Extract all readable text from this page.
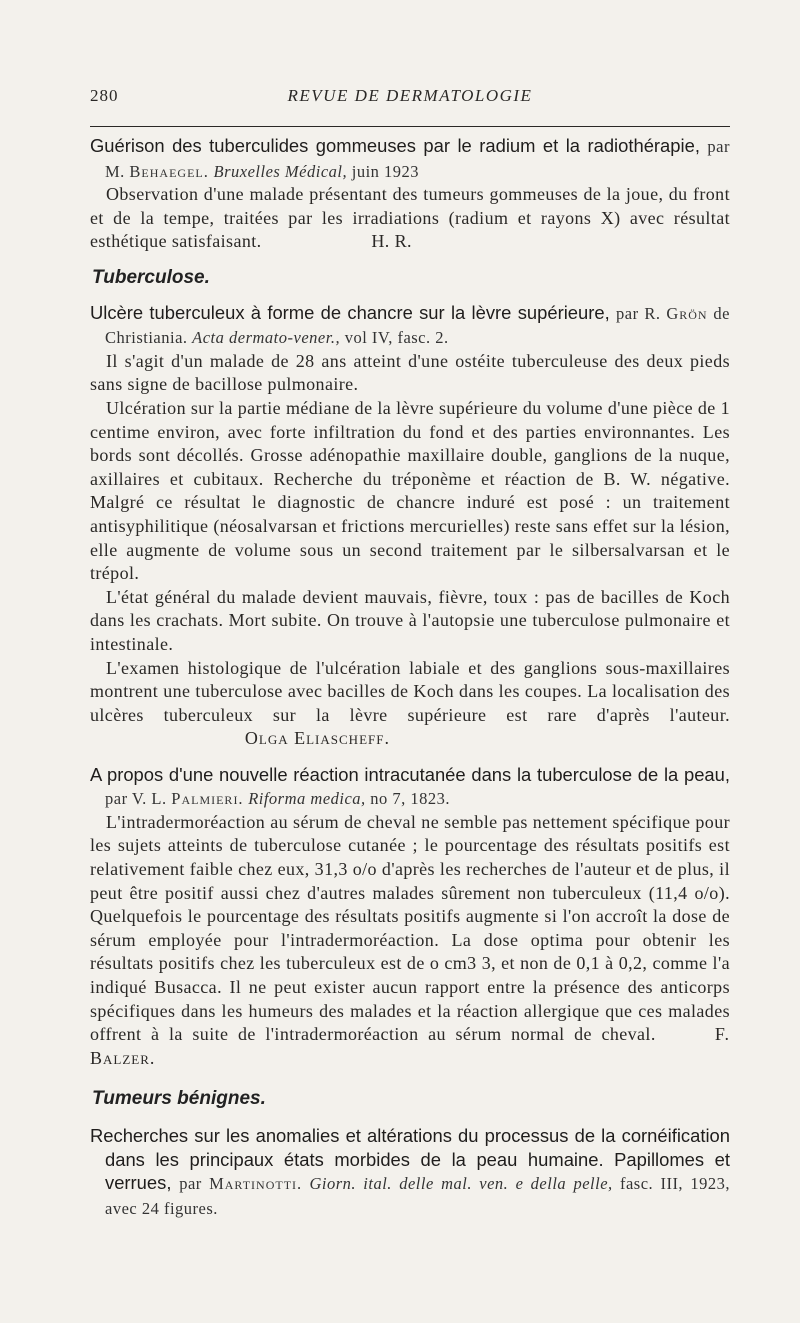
280	REVUE DE DERMATOLOGIE

Guérison des tuberculides gommeuses par le radium et la radiothérapie, par M. Behaegel. Bruxelles Médical, juin 1923

Observation d'une malade présentant des tumeurs gommeuses de la joue, du front et de la tempe, traitées par les irradiations (radium et rayons X) avec résultat esthétique satisfaisant.	H. R.

Tuberculose.

Ulcère tuberculeux à forme de chancre sur la lèvre supérieure, par R. Grön de Christiania. Acta dermato-vener., vol IV, fasc. 2.

Il s'agit d'un malade de 28 ans atteint d'une ostéite tuberculeuse des deux pieds sans signe de bacillose pulmonaire.

Ulcération sur la partie médiane de la lèvre supérieure du volume d'une pièce de 1 centime environ, avec forte infiltration du fond et des parties environnantes. Les bords sont décollés. Grosse adénopathie maxillaire double, ganglions de la nuque, axillaires et cubitaux. Recherche du tréponème et réaction de B. W. négative. Malgré ce résultat le diagnostic de chancre induré est posé : un traitement antisyphilitique (néosalvarsan et frictions mercurielles) reste sans effet sur la lésion, elle augmente de volume sous un second traitement par le silbersalvarsan et le trépol.

L'état général du malade devient mauvais, fièvre, toux : pas de bacilles de Koch dans les crachats. Mort subite. On trouve à l'autopsie une tuberculose pulmonaire et intestinale.

L'examen histologique de l'ulcération labiale et des ganglions sous-maxillaires montrent une tuberculose avec bacilles de Koch dans les coupes. La localisation des ulcères tuberculeux sur la lèvre supérieure est rare d'après l'auteur.  Olga Eliascheff.

A propos d'une nouvelle réaction intracutanée dans la tuberculose de la peau, par V. L. Palmieri. Riforma medica, no 7, 1823.

L'intradermoréaction au sérum de cheval ne semble pas nettement spécifique pour les sujets atteints de tuberculose cutanée ; le pourcentage des résultats positifs est relativement faible chez eux, 31,3 o/o d'après les recherches de l'auteur et de plus, il peut être positif aussi chez d'autres malades sûrement non tuberculeux (11,4 o/o). Quelquefois le pourcentage des résultats positifs augmente si l'on accroît la dose de sérum employée pour l'intradermoréaction. La dose optima pour obtenir les résultats positifs chez les tuberculeux est de o cm3 3, et non de 0,1 à 0,2, comme l'a indiqué Busacca. Il ne peut exister aucun rapport entre la présence des anticorps spécifiques dans les humeurs des malades et la réaction allergique que ces malades offrent à la suite de l'intradermoréaction au sérum normal de cheval.	F. Balzer.

Tumeurs bénignes.

Recherches sur les anomalies et altérations du processus de la cornéification dans les principaux états morbides de la peau humaine. Papillomes et verrues, par Martinotti. Giorn. ital. delle mal. ven. e della pelle, fasc. III, 1923, avec 24 figures.
